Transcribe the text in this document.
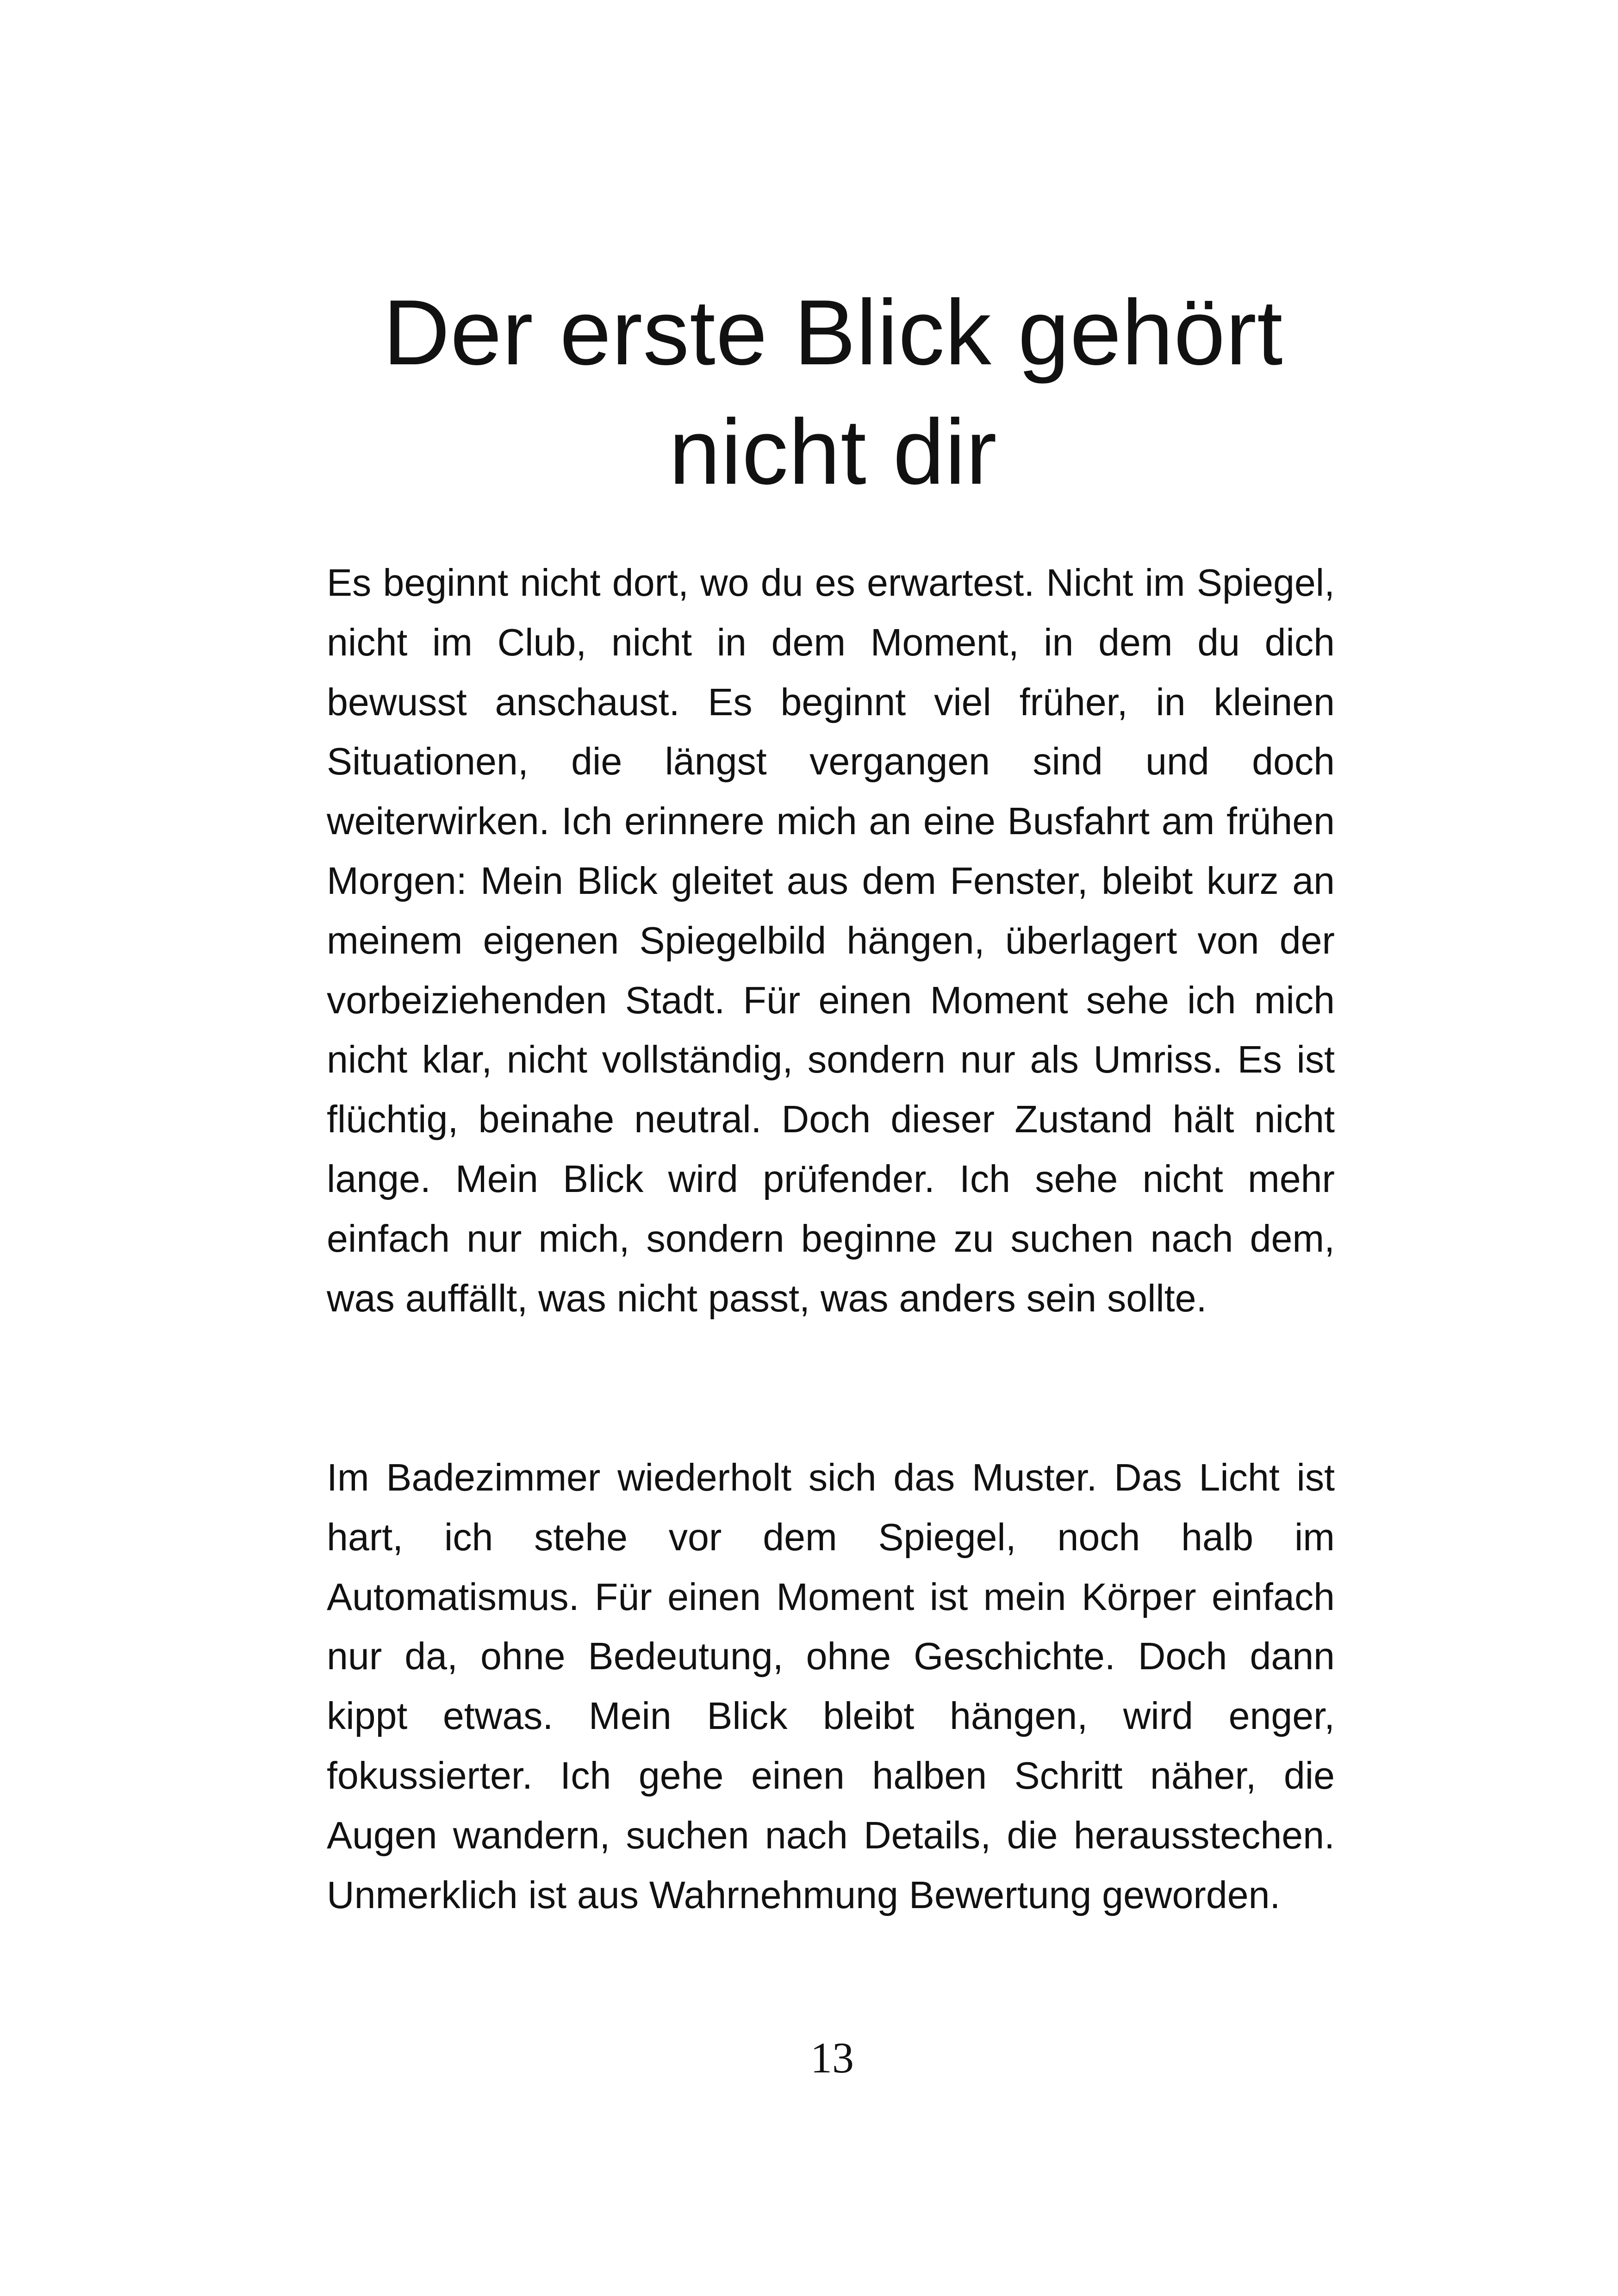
Der erste Blick gehört
nicht dir

Es beginnt nicht dort, wo du es erwartest. Nicht im Spiegel, nicht im Club, nicht in dem Moment, in dem du dich bewusst anschaust. Es beginnt viel früher, in kleinen Situationen, die längst vergangen sind und doch weiterwirken. Ich erinnere mich an eine Busfahrt am frühen Morgen: Mein Blick gleitet aus dem Fenster, bleibt kurz an meinem eigenen Spiegelbild hängen, überlagert von der vorbeiziehenden Stadt. Für einen Moment sehe ich mich nicht klar, nicht vollständig, sondern nur als Umriss. Es ist flüchtig, beinahe neutral. Doch dieser Zustand hält nicht lange. Mein Blick wird prüfender. Ich sehe nicht mehr einfach nur mich, sondern beginne zu suchen nach dem, was auffällt, was nicht passt, was anders sein sollte.

Im Badezimmer wiederholt sich das Muster. Das Licht ist hart, ich stehe vor dem Spiegel, noch halb im Automatismus. Für einen Moment ist mein Körper einfach nur da, ohne Bedeutung, ohne Geschichte. Doch dann kippt etwas. Mein Blick bleibt hängen, wird enger, fokussierter. Ich gehe einen halben Schritt näher, die Augen wandern, suchen nach Details, die herausstechen. Unmerklich ist aus Wahrnehmung Bewertung geworden.

13
